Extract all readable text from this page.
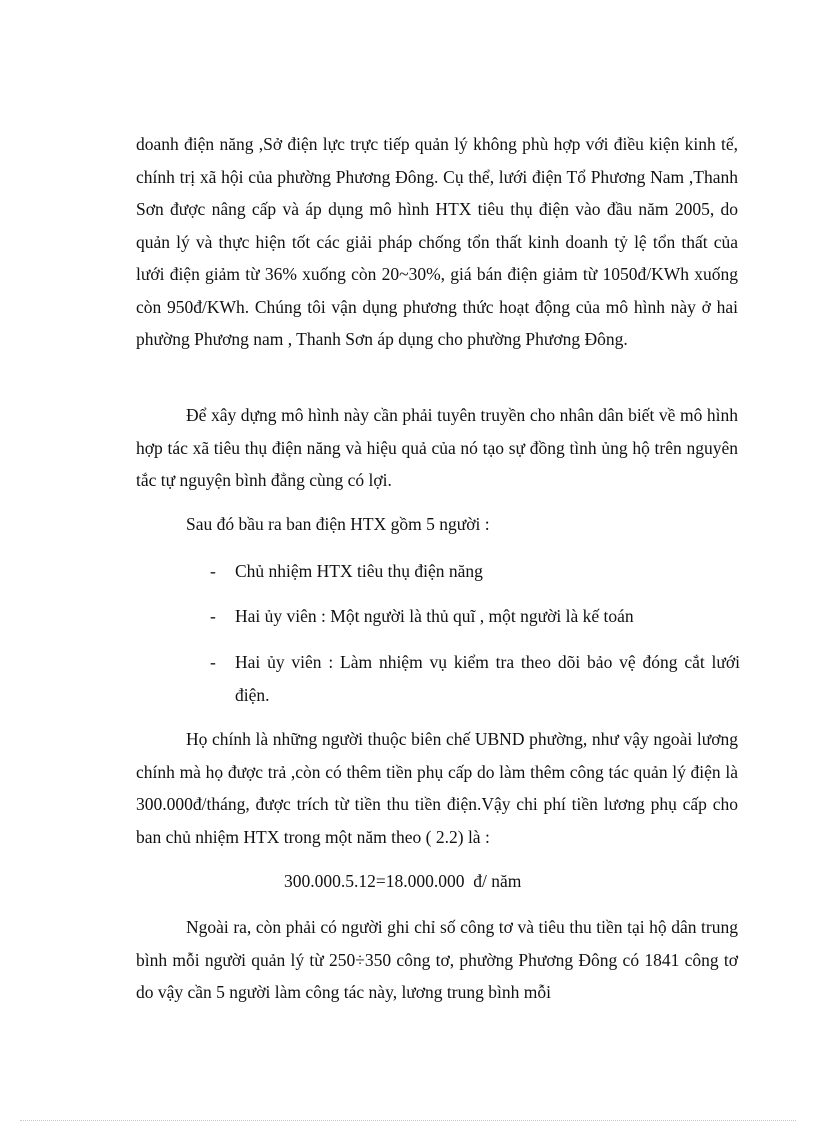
doanh điện năng ,Sở điện lực trực tiếp quản lý không phù hợp với điều kiện kinh tế, chính trị xã hội của phường Phương Đông. Cụ thể, lưới điện Tổ Phương Nam ,Thanh Sơn được nâng cấp và áp dụng mô hình HTX tiêu thụ điện vào đầu năm 2005, do quản lý và thực hiện tốt các giải pháp chống tổn thất kinh doanh tỷ lệ tổn thất của lưới điện giảm từ 36% xuống còn 20~30%, giá bán điện giảm từ 1050đ/KWh xuống còn 950đ/KWh. Chúng tôi vận dụng phương thức hoạt động của mô hình này ở hai phường Phương nam , Thanh Sơn áp dụng cho phường Phương Đông.

Để xây dựng mô hình này cần phải tuyên truyền cho nhân dân biết về mô hình hợp tác xã tiêu thụ điện năng và hiệu quả của nó tạo sự đồng tình ủng hộ trên nguyên tắc tự nguyện bình đẳng cùng có lợi.

Sau đó bầu ra ban điện HTX gồm 5 người :

- Chủ nhiệm HTX tiêu thụ điện năng
- Hai ủy viên : Một người là thủ quĩ , một người là kế toán
- Hai ủy viên : Làm nhiệm vụ kiểm tra theo dõi bảo vệ đóng cắt lưới điện.

Họ chính là những người thuộc biên chế UBND phường, như vậy ngoài lương chính mà họ được trả ,còn có thêm tiền phụ cấp do làm thêm công tác quản lý điện là 300.000đ/tháng, được trích từ tiền thu tiền điện.Vậy chi phí tiền lương phụ cấp cho ban chủ nhiệm HTX trong một năm theo ( 2.2) là :

300.000.5.12=18.000.000  đ/ năm

Ngoài ra, còn phải có người ghi chỉ số công tơ và tiêu thu tiền tại hộ dân trung bình mỗi người quản lý từ 250÷350 công tơ, phường Phương Đông có 1841 công tơ do vậy cần 5 người làm công tác này, lương trung bình mỗi
